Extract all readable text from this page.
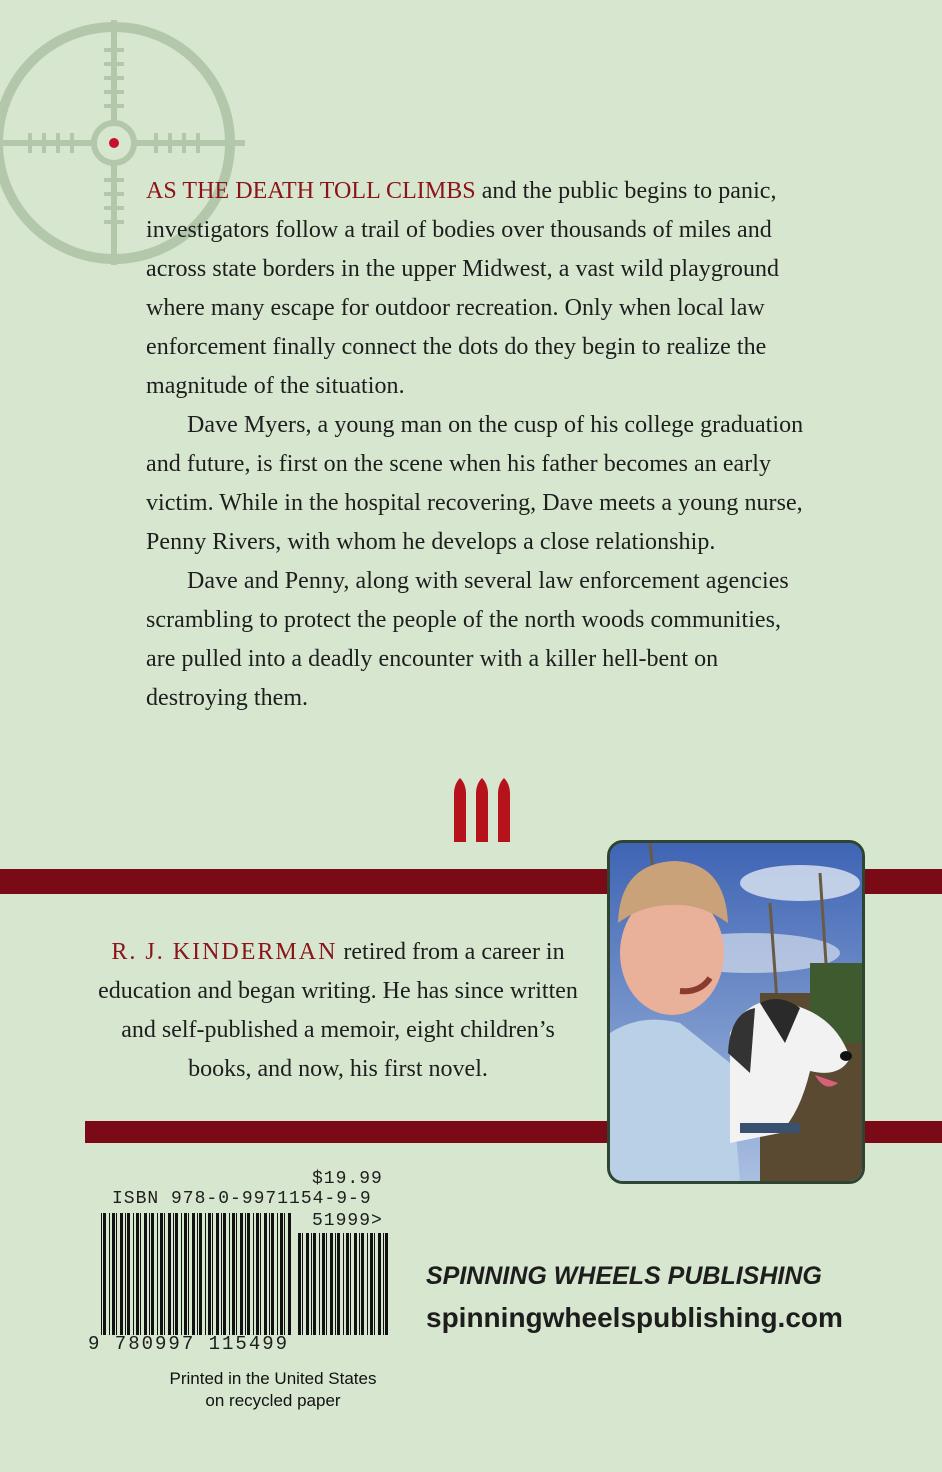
AS THE DEATH TOLL CLIMBS and the public begins to panic, investigators follow a trail of bodies over thousands of miles and across state borders in the upper Midwest, a vast wild playground where many escape for outdoor recreation. Only when local law enforcement finally connect the dots do they begin to realize the magnitude of the situation.

Dave Myers, a young man on the cusp of his college graduation and future, is first on the scene when his father becomes an early victim. While in the hospital recovering, Dave meets a young nurse, Penny Rivers, with whom he develops a close relationship.

Dave and Penny, along with several law enforcement agencies scrambling to protect the people of the north woods communities, are pulled into a deadly encounter with a killer hell-bent on destroying them.

R. J. KINDERMAN retired from a career in education and began writing. He has since written and self-published a memoir, eight children’s books, and now, his first novel.
$19.99
ISBN 978-0-9971154-9-9
51999>
9 780997 115499
Printed in the United States
on recycled paper
SPINNING WHEELS PUBLISHING
spinningwheelspublishing.com
